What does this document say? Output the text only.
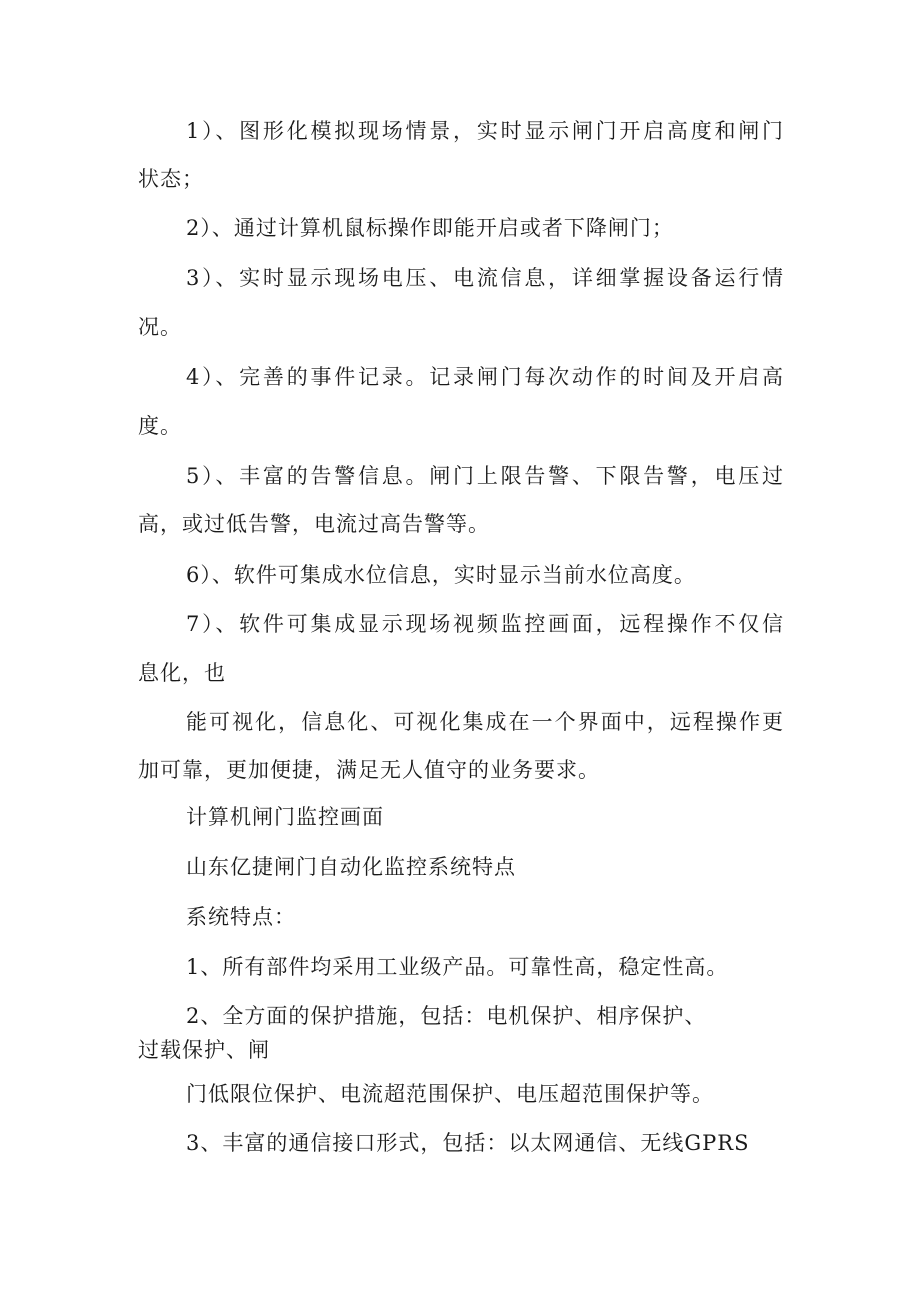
1）、图形化模拟现场情景，实时显示闸门开启高度和闸门

状态；

2）、通过计算机鼠标操作即能开启或者下降闸门；

3）、实时显示现场电压、电流信息，详细掌握设备运行情

况。

4）、完善的事件记录。记录闸门每次动作的时间及开启高

度。

5）、丰富的告警信息。闸门上限告警、下限告警，电压过

高，或过低告警，电流过高告警等。

6）、软件可集成水位信息，实时显示当前水位高度。

7）、软件可集成显示现场视频监控画面，远程操作不仅信

息化，也

能可视化，信息化、可视化集成在一个界面中，远程操作更

加可靠，更加便捷，满足无人值守的业务要求。

计算机闸门监控画面

山东亿捷闸门自动化监控系统特点

系统特点：

1、所有部件均采用工业级产品。可靠性高，稳定性高。

2、全方面的保护措施，包括：电机保护、相序保护、

过载保护、闸

门低限位保护、电流超范围保护、电压超范围保护等。

3、丰富的通信接口形式，包括：以太网通信、无线GPRS
